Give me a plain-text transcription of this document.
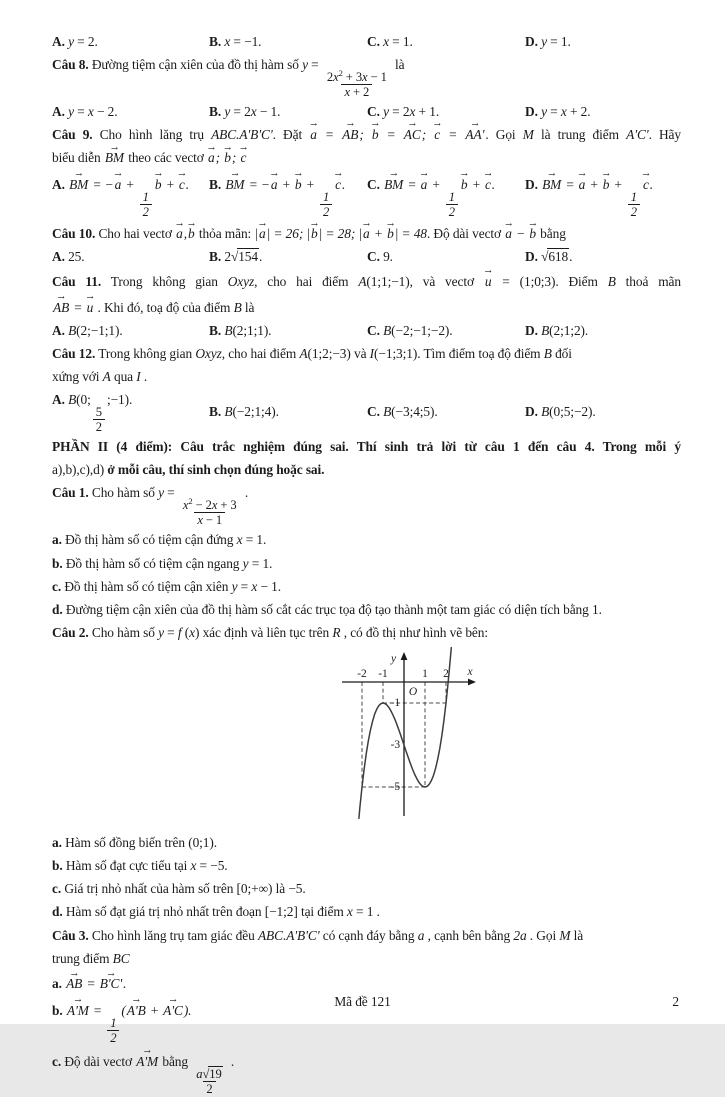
A. y = 2.	B. x = −1.	C. x = 1.	D. y = 1.

Câu 8. Đường tiệm cận xiên của đồ thị hàm số y =
$\frac{2x^2 + 3x - 1}{x + 2}$
là

A. y = x − 2.	B. y = 2x − 1.	C. y = 2x + 1.	D. y = x + 2.

Câu 9. Cho hình lăng trụ ABC.A'B'C'. Đặt
→
a =
→
AB;
→
b =
→
AC;
→
c =
→
AA'. Gọi M là trung điểm A'C'. Hãy

biểu diễn
→
BM theo các vectơ
→
a;
→
b;
→
c

A.
→
BM = −
→
a +
$\frac{1}{2}$
→
b +
→
c.	B.
→
BM = −
→
a +
→
b +
$\frac{1}{2}$
→
c.	C.
→
BM =
→
a +
$\frac{1}{2}$
→
b +
→
c.	D.
→
BM =
→
a +
→
b +
$\frac{1}{2}$
→
c.

Câu 10. Cho hai vectơ
→
a,
→
b thỏa mãn: |
→
a| = 26; |
→
b| = 28; |
→
a +
→
b| = 48. Độ dài vectơ
→
a −
→
b bằng

A. 25.	B. 2√154.	C. 9.	D. √618.

Câu 11. Trong không gian Oxyz, cho hai điểm A(1;1;−1), và vectơ
→
u = (1;0;3). Điểm B thoả mãn

→
AB =
→
u . Khi đó, toạ độ của điểm B là

A. B(2;−1;1).	B. B(2;1;1).	C. B(−2;−1;−2).	D. B(2;1;2).

Câu 12. Trong không gian Oxyz, cho hai điểm A(1;2;−3) và I(−1;3;1). Tìm điểm toạ độ điểm B đối

xứng với A qua I .

A. B(0;
$\frac{5}{2}$
;−1).
B. B(−2;1;4).	C. B(−3;4;5).	D. B(0;5;−2).

PHẦN II (4 điểm): Câu trắc nghiệm đúng sai. Thí sinh trả lời từ câu 1 đến câu 4. Trong mỗi ý

a),b),c),d) ở mỗi câu, thí sinh chọn đúng hoặc sai.

Câu 1. Cho hàm số y =
$\frac{x^2 - 2x + 3}{x - 1}$
.

a. Đồ thị hàm số có tiệm cận đứng x = 1.

b. Đồ thị hàm số có tiệm cận ngang y = 1.

c. Đồ thị hàm số có tiệm cận xiên y = x − 1.

d. Đường tiệm cận xiên của đồ thị hàm số cắt các trục tọa độ tạo thành một tam giác có diện tích bằng 1.

Câu 2. Cho hàm số y = f (x) xác định và liên tục trên R , có đồ thị như hình vẽ bên:

-2 -1	1 2
-1
-3
-5
x
y
O

a. Hàm số đồng biến trên (0;1).

b. Hàm số đạt cực tiểu tại x = −5.

c. Giá trị nhỏ nhất của hàm số trên [0;+∞) là −5.

d. Hàm số đạt giá trị nhỏ nhất trên đoạn [−1;2] tại điểm x = 1 .

Câu 3. Cho hình lăng trụ tam giác đều ABC.A'B'C' có cạnh đáy bằng a , cạnh bên bằng 2a . Gọi M là

trung điểm BC

a.
→
AB =
→
B'C'.

b.
→
A'M =
$\frac{1}{2}$
(
→
A'B +
→
A'C).

c. Độ dài vectơ
→
A'M bằng
$\frac{a√19}{2}$
.

Mã đề 121	2
